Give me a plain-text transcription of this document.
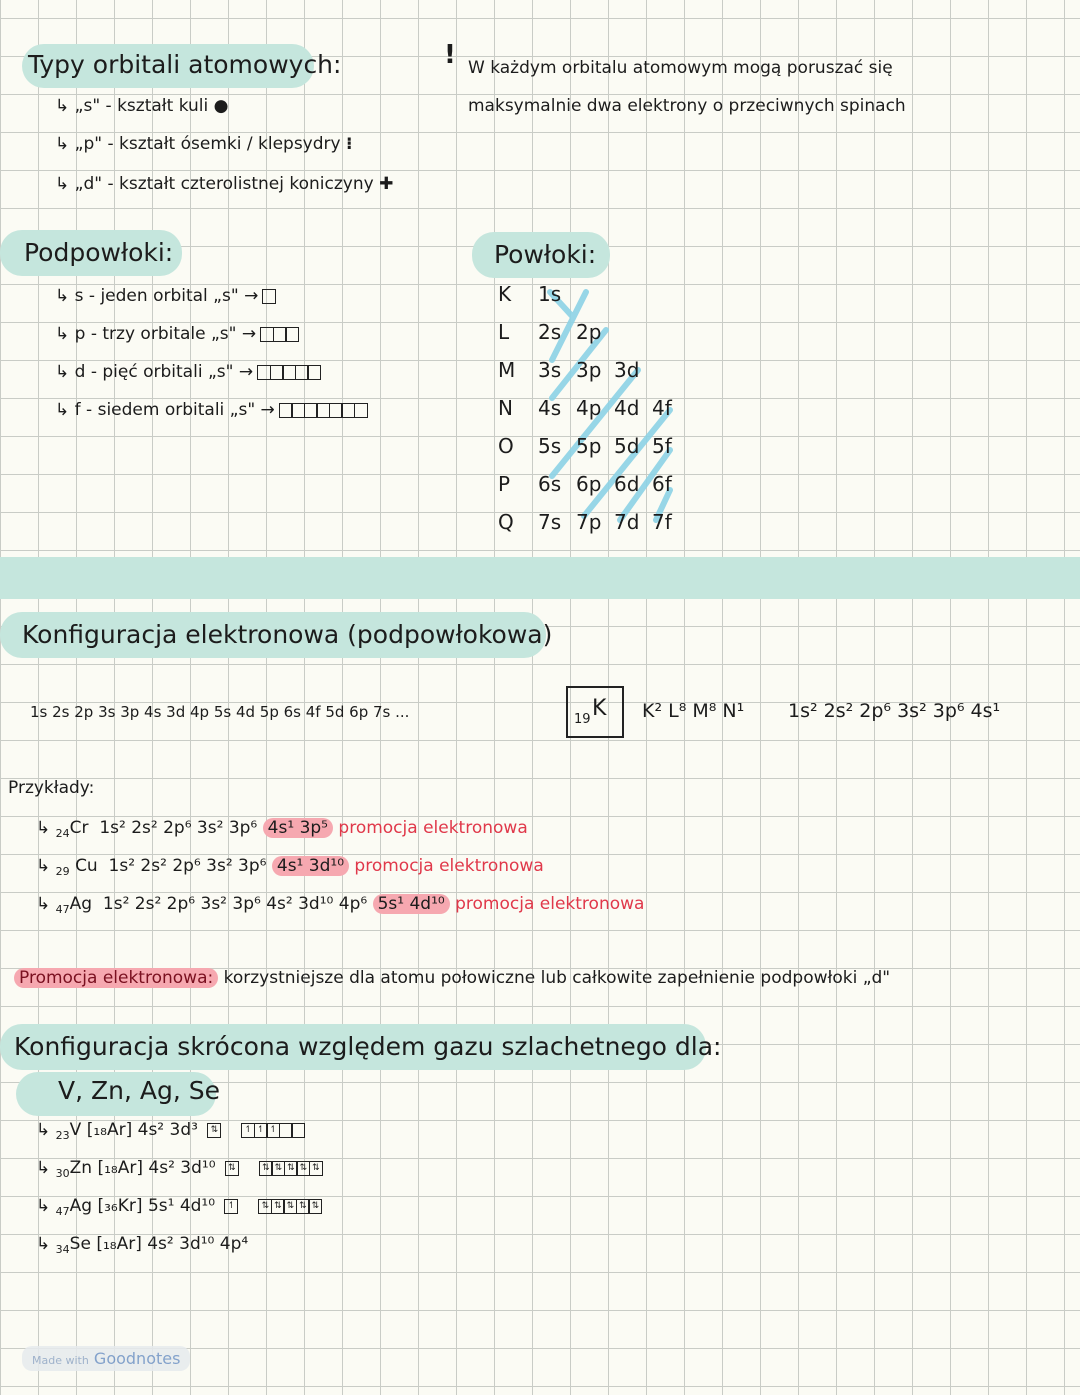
Typy orbitali atomowych:
↳ „s" - kształt kuli ●
↳ „p" - kształt ósemki / klepsydry ⁝
↳ „d" - kształt czterolistnej koniczyny ✚
! W każdym orbitalu atomowym mogą poruszać się
maksymalnie dwa elektrony o przeciwnych spinach
Podpowłoki:
↳ s - jeden orbital „s" →
↳ p - trzy orbitale „s" →
↳ d - pięć orbitali „s" →
↳ f - siedem orbitali „s" →
Powłoki:
K 1s
L 2s 2p
M 3s 3p 3d
N 4s 4p 4d 4f
O 5s 5p 5d 5f
P 6s 6p 6d 6f
Q 7s 7p 7d 7f
Konfiguracja elektronowa (podpowłokowa)
1s 2s 2p 3s 3p 4s 3d 4p 5s 4d 5p 6s 4f 5d 6p 7s ...	19 K K² L⁸ M⁸ N¹ 1s² 2s² 2p⁶ 3s² 3p⁶ 4s¹
Przykłady:
↳ $_{24}$Cr 1s² 2s² 2p⁶ 3s² 3p⁶ 4s¹ 3p⁵ promocja elektronowa
↳ $_{29}$ Cu 1s² 2s² 2p⁶ 3s² 3p⁶ 4s¹ 3d¹⁰ promocja elektronowa
↳ $_{47}$Ag 1s² 2s² 2p⁶ 3s² 3p⁶ 4s² 3d¹⁰ 4p⁶ 5s¹ 4d¹⁰ promocja elektronowa
Promocja elektronowa: korzystniejsze dla atomu połowiczne lub całkowite zapełnienie podpowłoki „d"
Konfiguracja skrócona względem gazu szlachetnego dla:
V, Zn, Ag, Se
↳ $_{23}$V [₁₈Ar] 4s² 3d³	⇅
	↿ ↿ ↿
↳ $_{30}$Zn [₁₈Ar] 4s² 3d¹⁰	⇅
	⇅ ⇅ ⇅ ⇅ ⇅
↳ $_{47}$Ag [₃₆Kr] 5s¹ 4d¹⁰	↿
	⇅ ⇅ ⇅ ⇅ ⇅
↳ $_{34}$Se [₁₈Ar] 4s² 3d¹⁰ 4p⁴
Made with Goodnotes
